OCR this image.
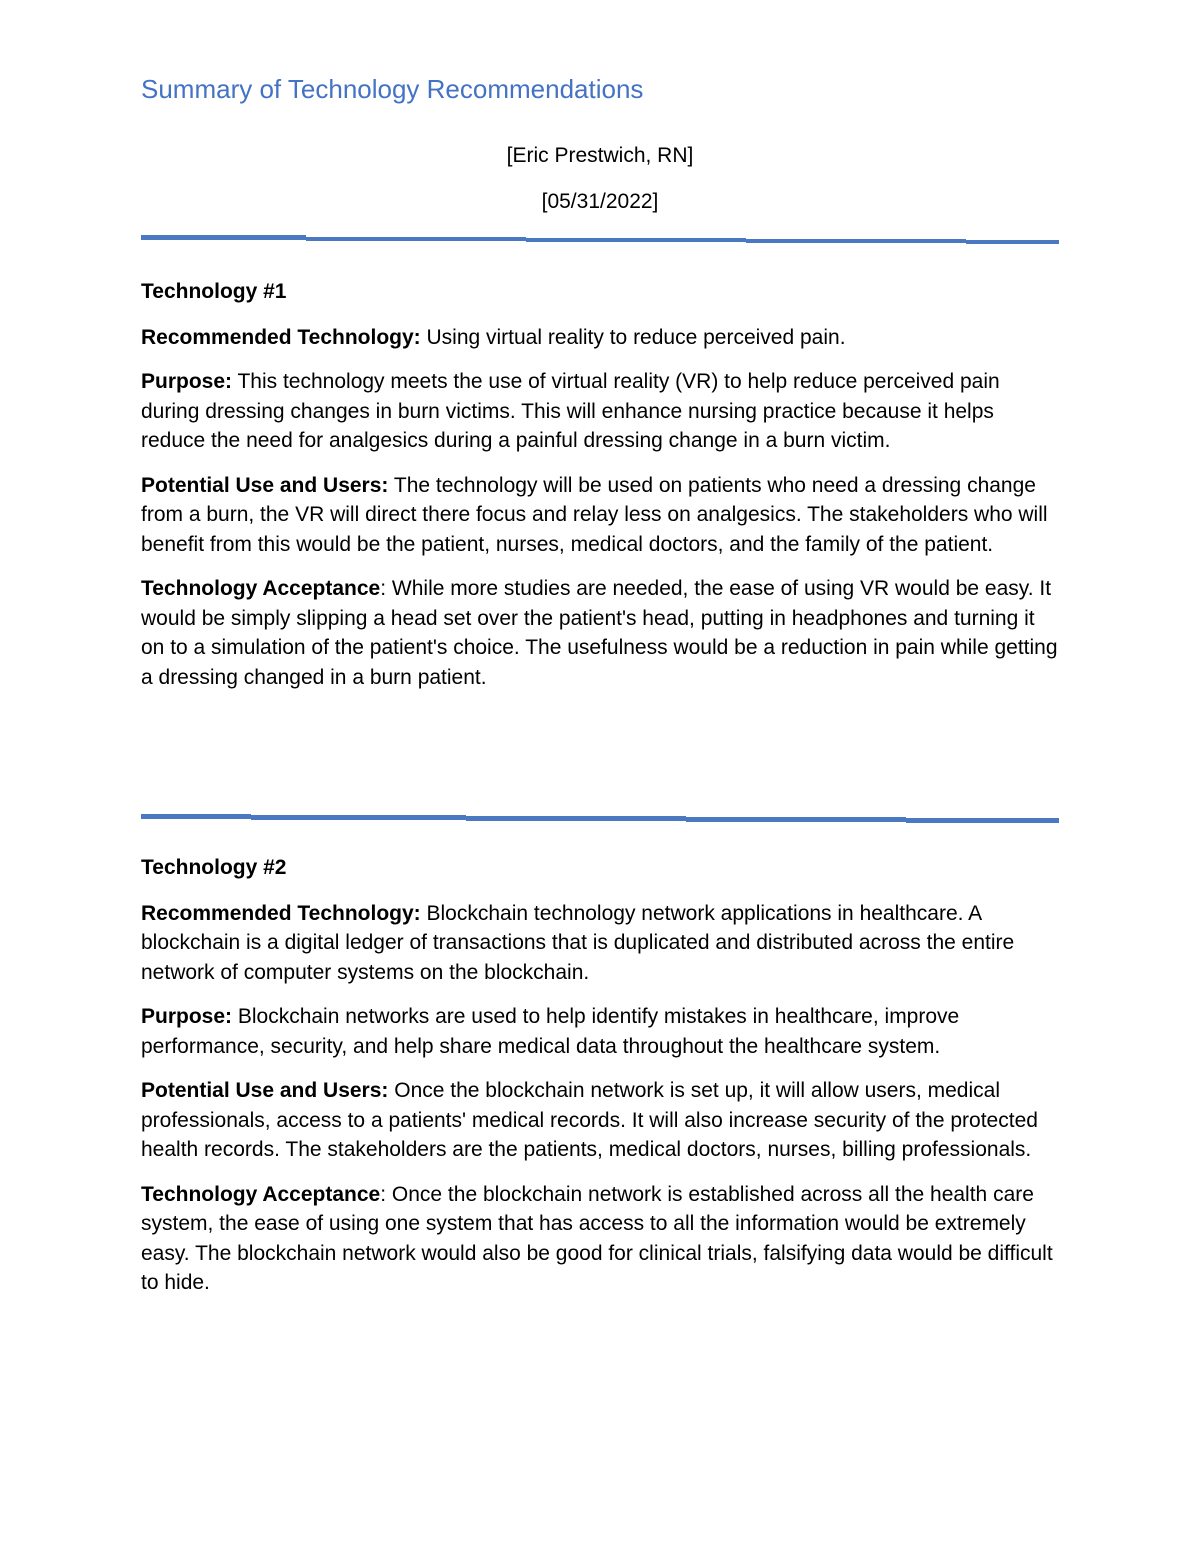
Summary of Technology Recommendations
[Eric Prestwich, RN]
[05/31/2022]
Technology #1

Recommended Technology: Using virtual reality to reduce perceived pain.

Purpose: This technology meets the use of virtual reality (VR) to help reduce perceived pain during dressing changes in burn victims. This will enhance nursing practice because it helps reduce the need for analgesics during a painful dressing change in a burn victim.

Potential Use and Users: The technology will be used on patients who need a dressing change from a burn, the VR will direct there focus and relay less on analgesics. The stakeholders who will benefit from this would be the patient, nurses, medical doctors, and the family of the patient.

Technology Acceptance: While more studies are needed, the ease of using VR would be easy. It would be simply slipping a head set over the patient's head, putting in headphones and turning it on to a simulation of the patient's choice. The usefulness would be a reduction in pain while getting a dressing changed in a burn patient.

Technology #2

Recommended Technology: Blockchain technology network applications in healthcare. A blockchain is a digital ledger of transactions that is duplicated and distributed across the entire network of computer systems on the blockchain.

Purpose: Blockchain networks are used to help identify mistakes in healthcare, improve performance, security, and help share medical data throughout the healthcare system.

Potential Use and Users: Once the blockchain network is set up, it will allow users, medical professionals, access to a patients' medical records. It will also increase security of the protected health records. The stakeholders are the patients, medical doctors, nurses, billing professionals.

Technology Acceptance: Once the blockchain network is established across all the health care system, the ease of using one system that has access to all the information would be extremely easy. The blockchain network would also be good for clinical trials, falsifying data would be difficult to hide.
